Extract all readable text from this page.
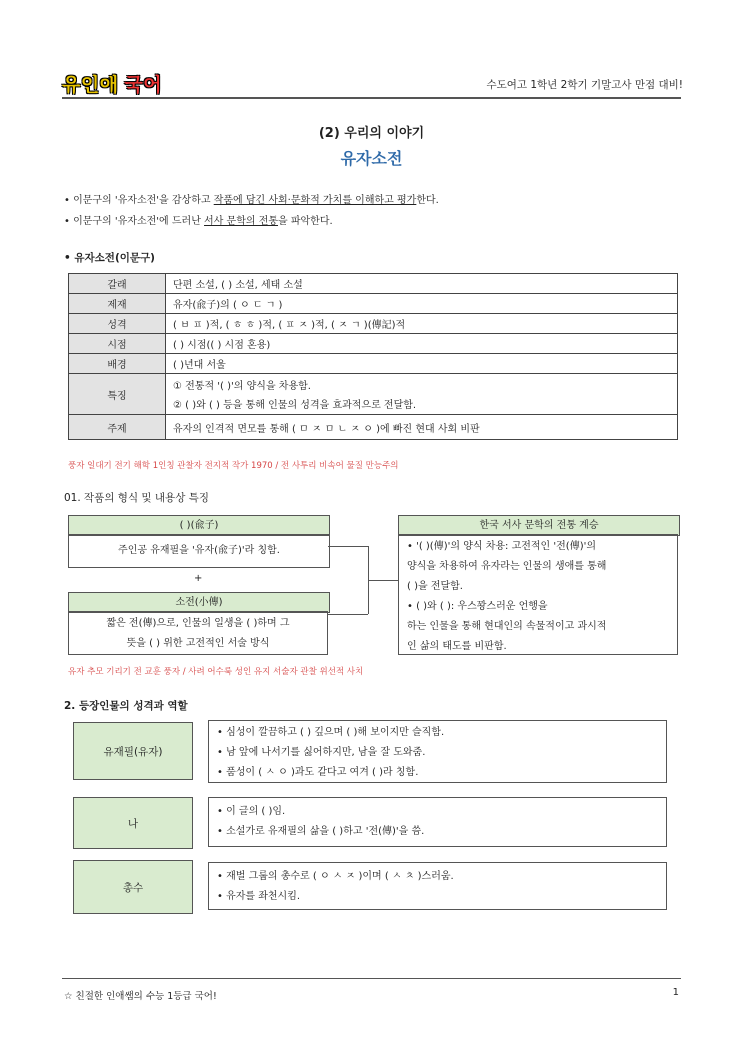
유인애 국어	수도여고 1학년 2학기 기말고사 만점 대비!
(2) 우리의 이야기
유자소전
• 이문구의 '유자소전'을 감상하고 작품에 담긴 사회·문화적 가치를 이해하고 평가한다.
• 이문구의 '유자소전'에 드러난 서사 문학의 전통을 파악한다.
• 유자소전(이문구)
갈래	단편 소설, ( ) 소설, 세태 소설
제재	유자(兪子)의 ( ㅇ ㄷ ㄱ )
성격	( ㅂ ㅍ )적, ( ㅎ ㅎ )적, ( ㅍ ㅈ )적, ( ㅈ ㄱ )(傳記)적
시점	( ) 시점(( ) 시점 혼용)
배경	( )년대 서울
특징	① 전통적 '( )'의 양식을 차용함.
② ( )와 ( ) 등을 통해 인물의 성격을 효과적으로 전달함.

주제	유자의 인격적 면모를 통해 ( ㅁ ㅈ ㅁ ㄴ ㅈ ㅇ )에 빠진 현대 사회 비판
풍자 일대기 전기 해학 1인칭 관찰자 전지적 작가 1970 / 전 사투리 비속어 물질 만능주의
01. 작품의 형식 및 내용상 특징
( )(兪子)
주인공 유재필을 '유자(兪子)'라 칭함.
+
소전(小傳)
짧은 전(傳)으로, 인물의 일생을 ( )하며 그
뜻을 ( ) 위한 고전적인 서술 방식
한국 서사 문학의 전통 계승
• '( )(傳)'의 양식 차용: 고전적인 '전(傳)'의
양식을 차용하여 유자라는 인물의 생애를 통해
( )을 전달함.
• ( )와 ( ): 우스꽝스러운 언행을
하는 인물을 통해 현대인의 속물적이고 과시적
인 삶의 태도를 비판함.
유자 추모 기리기 전 교훈 풍자 / 사려 어수룩 성인 유지 서술자 관찰 위선적 사치
2. 등장인물의 성격과 역할
유재필(유자)
• 심성이 깔끔하고 ( ) 깊으며 ( )해 보이지만 슬직함.
• 남 앞에 나서기를 싫어하지만, 남을 잘 도와줌.
• 품성이 ( ㅅ ㅇ )과도 같다고 여겨 ( )라 칭함.
나
• 이 글의 ( )임.
• 소설가로 유재필의 삶을 ( )하고 '전(傳)'을 씀.
총수
• 재벌 그룹의 총수로 ( ㅇ ㅅ ㅈ )이며 ( ㅅ ㅊ )스러움.
• 유자를 좌천시킴.
☆ 친절한 인애쌤의 수능 1등급 국어!	1
